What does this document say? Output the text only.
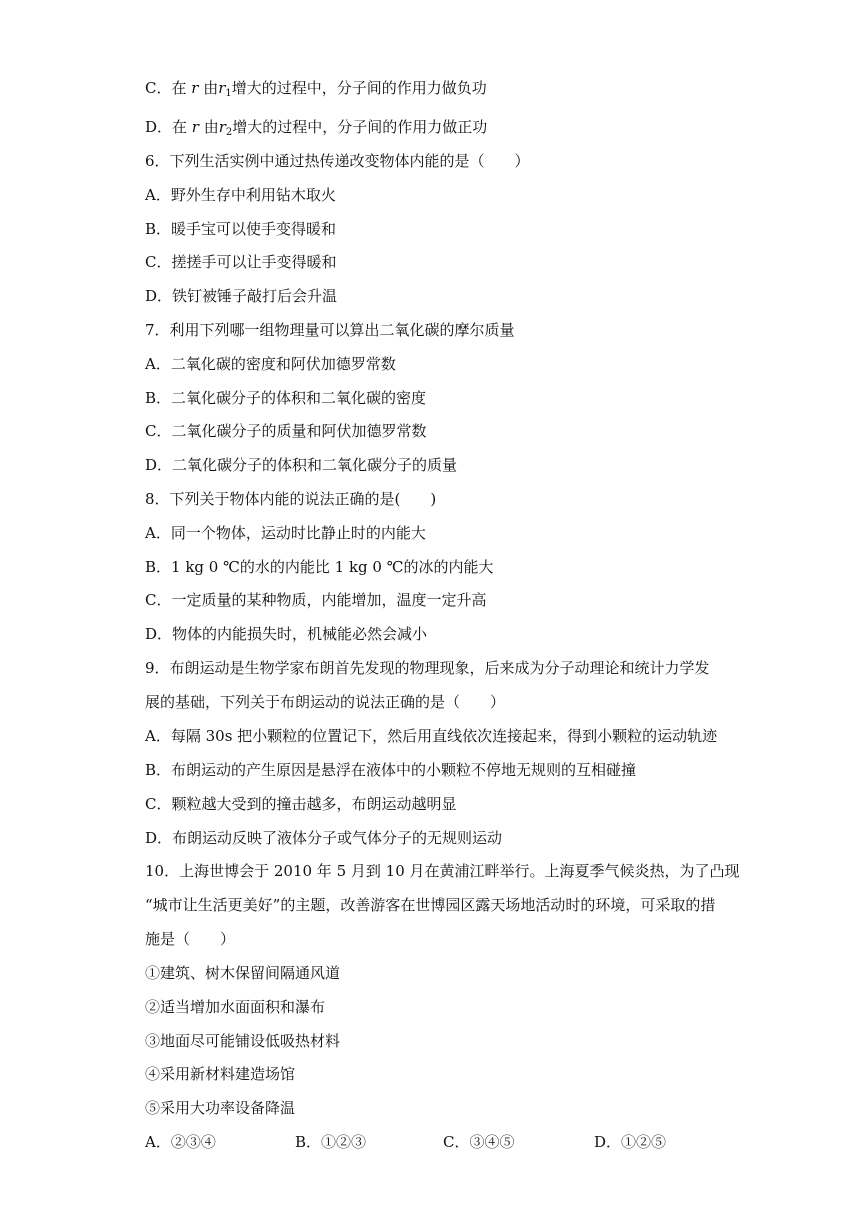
C．在 r 由$r_1$增大的过程中，分子间的作用力做负功
D．在 r 由$r_2$增大的过程中，分子间的作用力做正功
6．下列生活实例中通过热传递改变物体内能的是（　　）
A．野外生存中利用钻木取火
B．暖手宝可以使手变得暖和
C．搓搓手可以让手变得暖和
D．铁钉被锤子敲打后会升温
7．利用下列哪一组物理量可以算出二氧化碳的摩尔质量
A．二氧化碳的密度和阿伏加德罗常数
B．二氧化碳分子的体积和二氧化碳的密度
C．二氧化碳分子的质量和阿伏加德罗常数
D．二氧化碳分子的体积和二氧化碳分子的质量
8．下列关于物体内能的说法正确的是(　　)
A．同一个物体，运动时比静止时的内能大
B．1 kg 0 ℃的水的内能比 1 kg 0 ℃的冰的内能大
C．一定质量的某种物质，内能增加，温度一定升高
D．物体的内能损失时，机械能必然会减小
9．布朗运动是生物学家布朗首先发现的物理现象，后来成为分子动理论和统计力学发
展的基础，下列关于布朗运动的说法正确的是（　　）
A．每隔 30s 把小颗粒的位置记下，然后用直线依次连接起来，得到小颗粒的运动轨迹
B．布朗运动的产生原因是悬浮在液体中的小颗粒不停地无规则的互相碰撞
C．颗粒越大受到的撞击越多，布朗运动越明显
D．布朗运动反映了液体分子或气体分子的无规则运动
10．上海世博会于 2010 年 5 月到 10 月在黄浦江畔举行。上海夏季气候炎热，为了凸现
“城市让生活更美好”的主题，改善游客在世博园区露天场地活动时的环境，可采取的措
施是（　　）
①建筑、树木保留间隔通风道
②适当增加水面面积和瀑布
③地面尽可能铺设低吸热材料
④采用新材料建造场馆
⑤采用大功率设备降温
A．②③④	B．①②③	C．③④⑤	D．①②⑤
